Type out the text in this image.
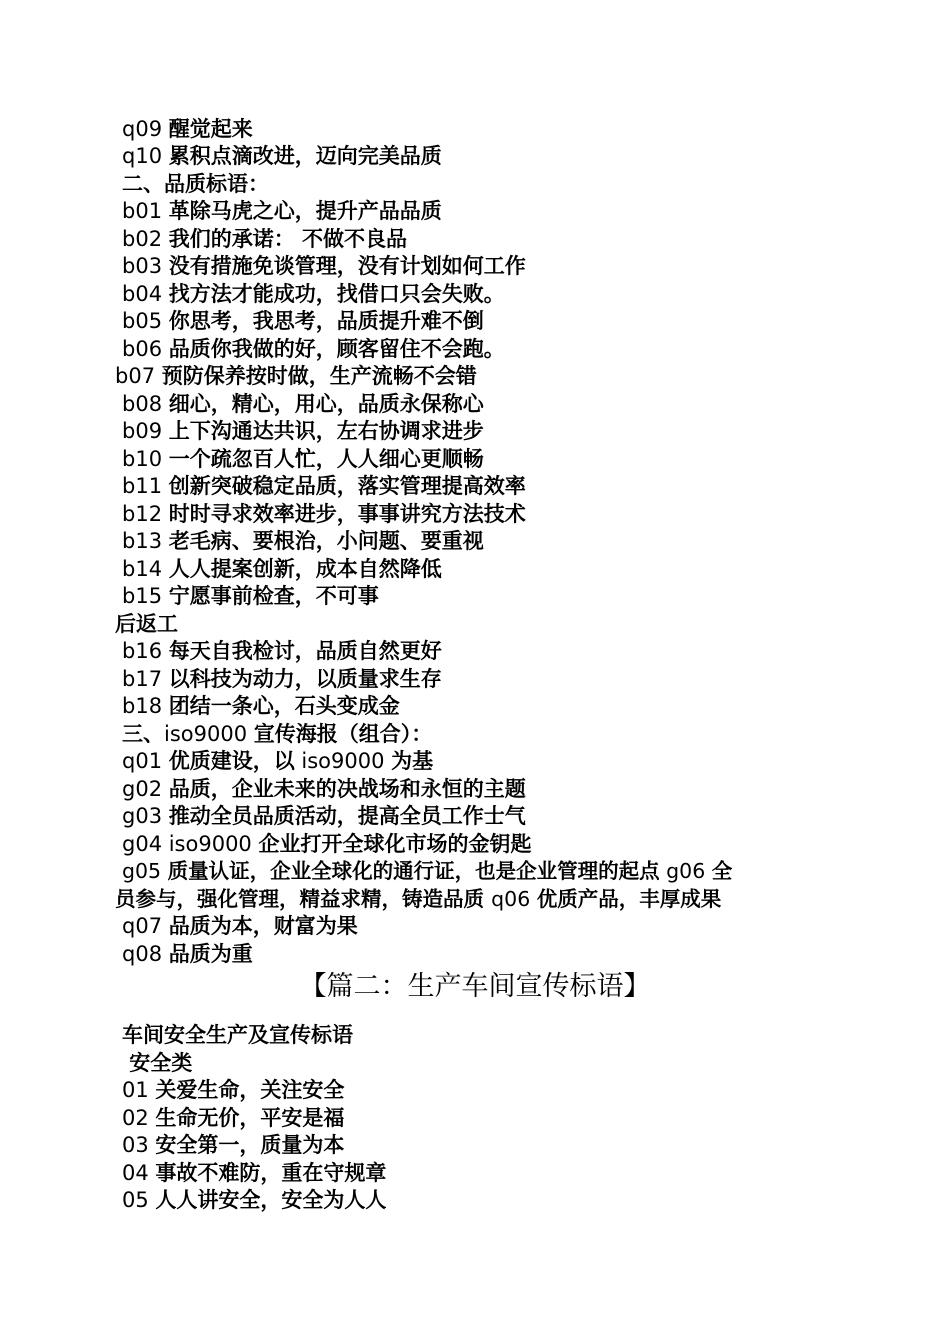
q09 醒觉起来
q10 累积点滴改进，迈向完美品质
二、品质标语：
b01 革除马虎之心，提升产品品质
b02 我们的承诺： 不做不良品
b03 没有措施免谈管理，没有计划如何工作
b04 找方法才能成功，找借口只会失败。
b05 你思考，我思考，品质提升难不倒
b06 品质你我做的好，顾客留住不会跑。
b07 预防保养按时做，生产流畅不会错
b08 细心，精心，用心，品质永保称心
b09 上下沟通达共识，左右协调求进步
b10 一个疏忽百人忙，人人细心更顺畅
b11 创新突破稳定品质，落实管理提高效率
b12 时时寻求效率进步，事事讲究方法技术
b13 老毛病、要根治，小问题、要重视
b14 人人提案创新，成本自然降低
b15 宁愿事前检查，不可事
后返工
b16 每天自我检讨，品质自然更好
b17 以科技为动力，以质量求生存
b18 团结一条心，石头变成金
三、iso9000 宣传海报（组合）：
q01 优质建设，以 iso9000 为基
g02 品质，企业未来的决战场和永恒的主题
g03 推动全员品质活动，提高全员工作士气
g04 iso9000 企业打开全球化市场的金钥匙
g05 质量认证，企业全球化的通行证，也是企业管理的起点 g06 全
员参与，强化管理，精益求精，铸造品质 q06 优质产品，丰厚成果
q07 品质为本，财富为果
q08 品质为重
【篇二：生产车间宣传标语】
车间安全生产及宣传标语
安全类
01 关爱生命，关注安全
02 生命无价，平安是福
03 安全第一，质量为本
04 事故不难防，重在守规章
05 人人讲安全，安全为人人
